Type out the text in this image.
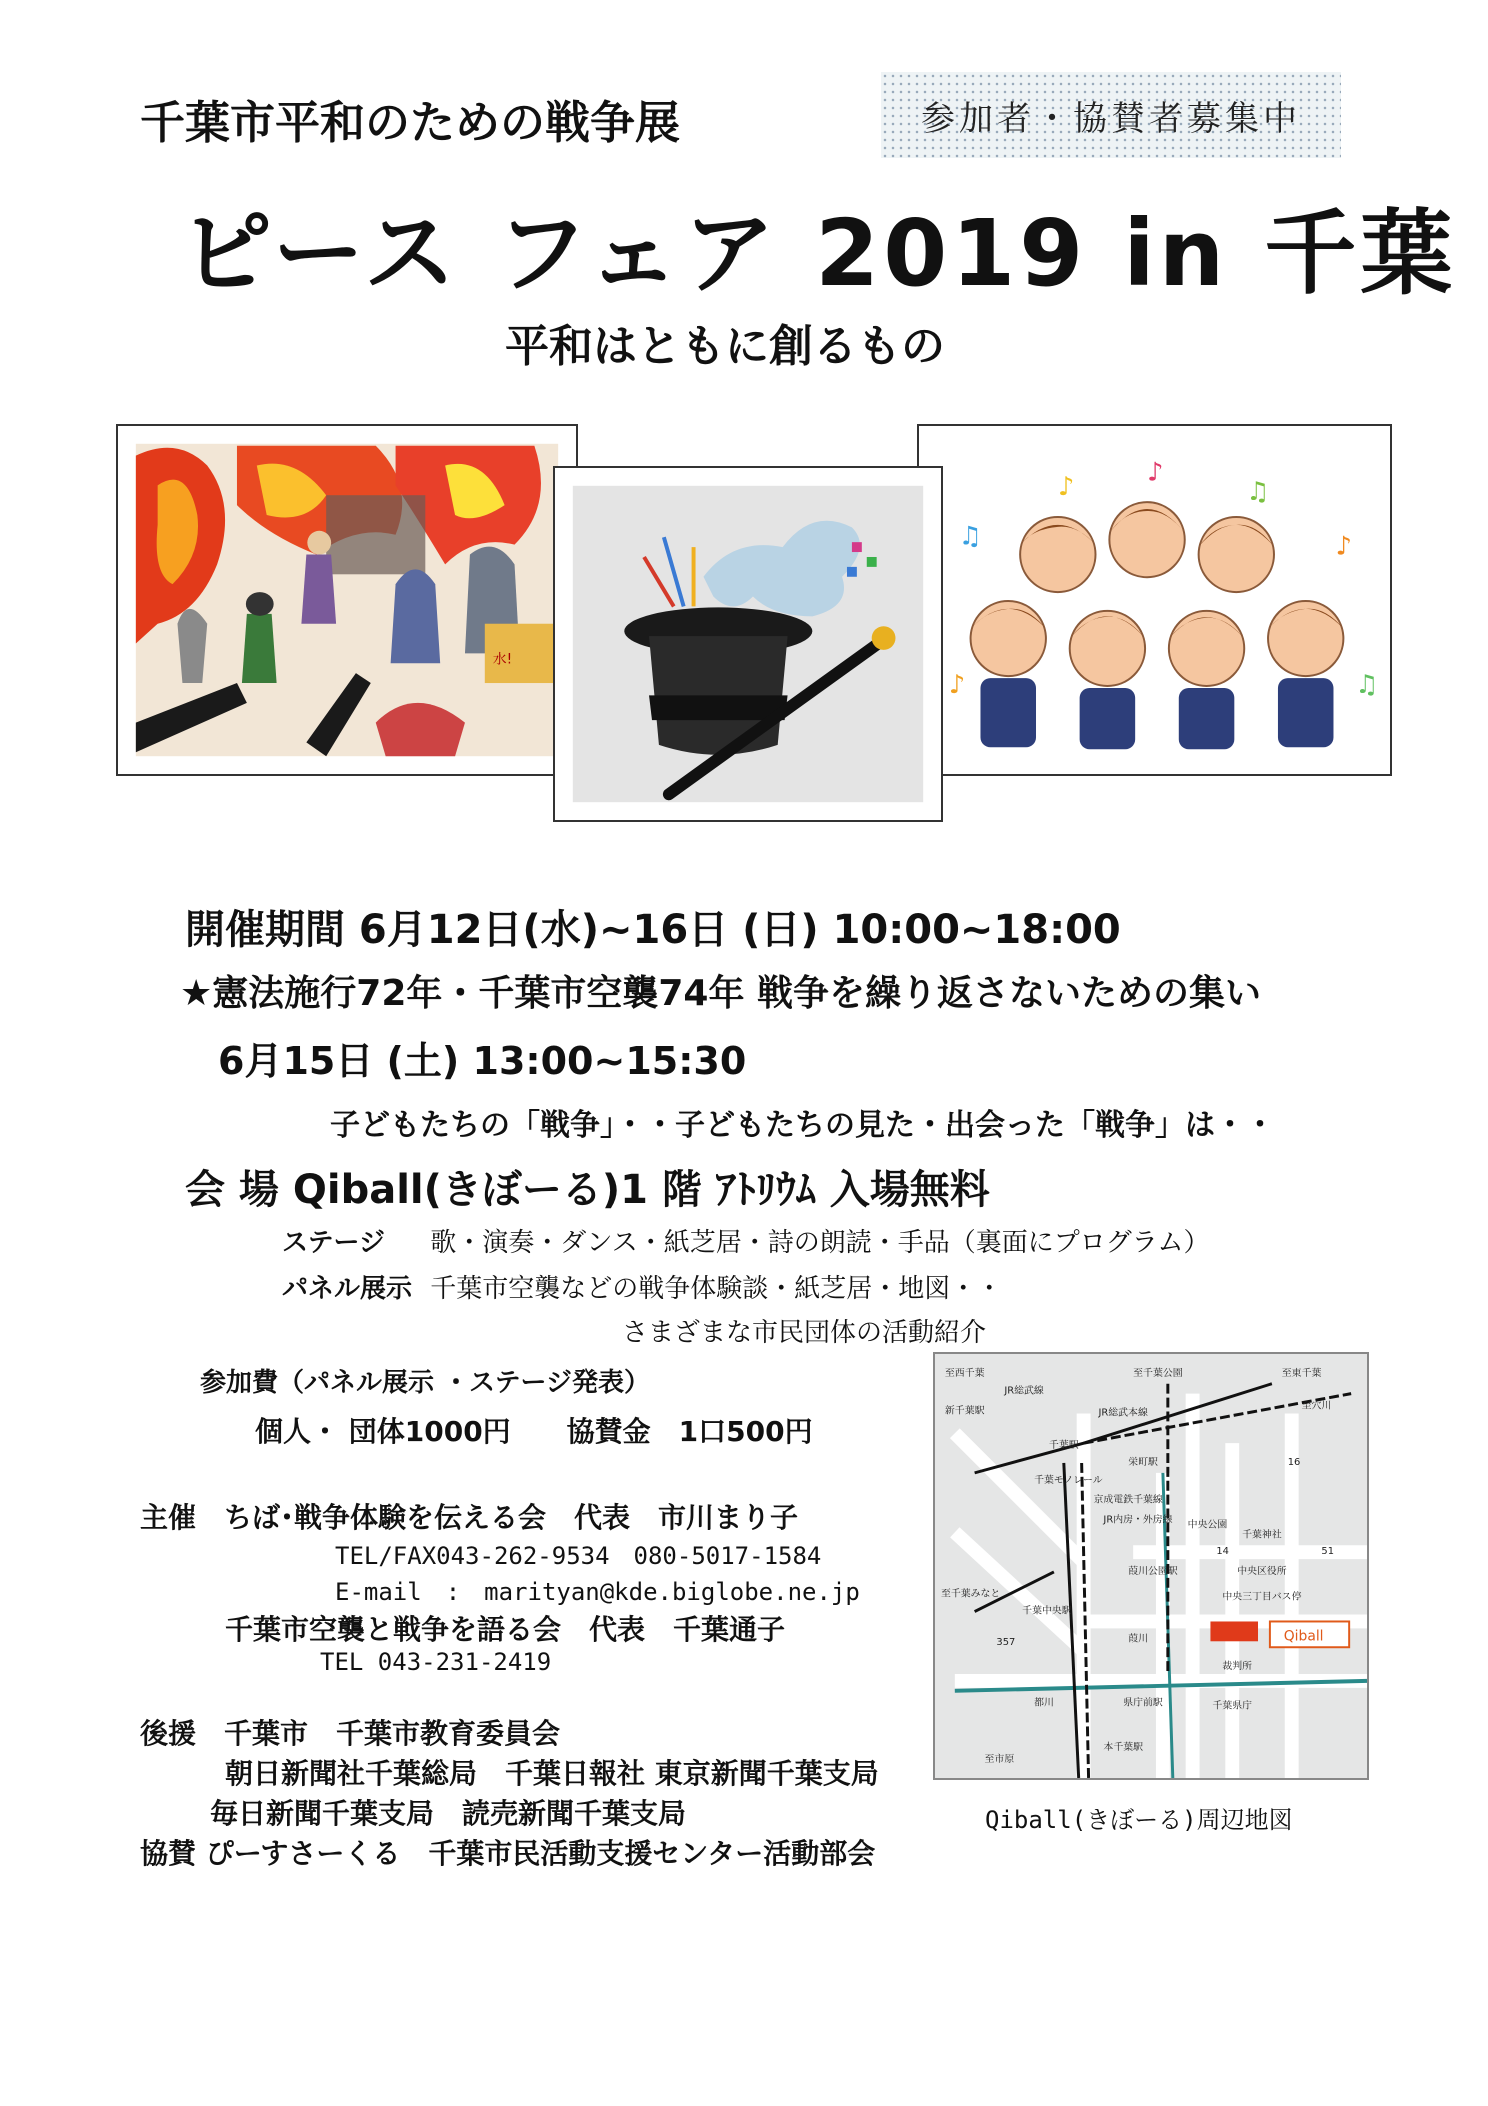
千葉市平和のための戦争展	参加者・協賛者募集中
ピース フェア 2019 in 千葉
平和はともに創るもの
水!
♫
♪	♪
♫
♪
♪	♫
開催期間 6月12日(水)~16日 (日) 10:00~18:00
★憲法施行72年・千葉市空襲74年 戦争を繰り返さないための集い
6月15日 (土) 13:00~15:30
子どもたちの「戦争」・・子どもたちの見た・出会った「戦争」は・・
会 場 Qiball(きぼーる)1 階 ｱﾄﾘｳﾑ 入場無料
ステージ 歌・演奏・ダンス・紙芝居・詩の朗読・手品（裏面にプログラム）
パネル展示 千葉市空襲などの戦争体験談・紙芝居・地図・・
さまざまな市民団体の活動紹介
参加費（パネル展示 ・ステージ発表）
個人・ 団体1000円　　協賛金　1口500円
主催　ちば･戦争体験を伝える会　代表　市川まり子
TEL/FAX043-262-9534　080-5017-1584
E-mail　:　marityan@kde.biglobe.ne.jp
千葉市空襲と戦争を語る会　代表　千葉通子
TEL 043-231-2419
後援　千葉市　千葉市教育委員会
朝日新聞社千葉総局　千葉日報社 東京新聞千葉支局
毎日新聞千葉支局　読売新聞千葉支局
協賛 ぴーすさーくる　千葉市民活動支援センター活動部会
Qiball
至西千葉	至千葉公園	至東千葉
至穴川
新千葉駅
JR総武線
JR総武本線
千葉駅
栄町駅
千葉モノレール
京成電鉄千葉線
JR内房・外房線 中央公園
千葉神社
中央区役所
中央三丁目バス停
至千葉みなと
千葉中央駅
葭川公園駅
葭川
裁判所
都川	県庁前駅	千葉県庁
本千葉駅
至市原
14	51
16
357
Qiball(きぼーる)周辺地図
